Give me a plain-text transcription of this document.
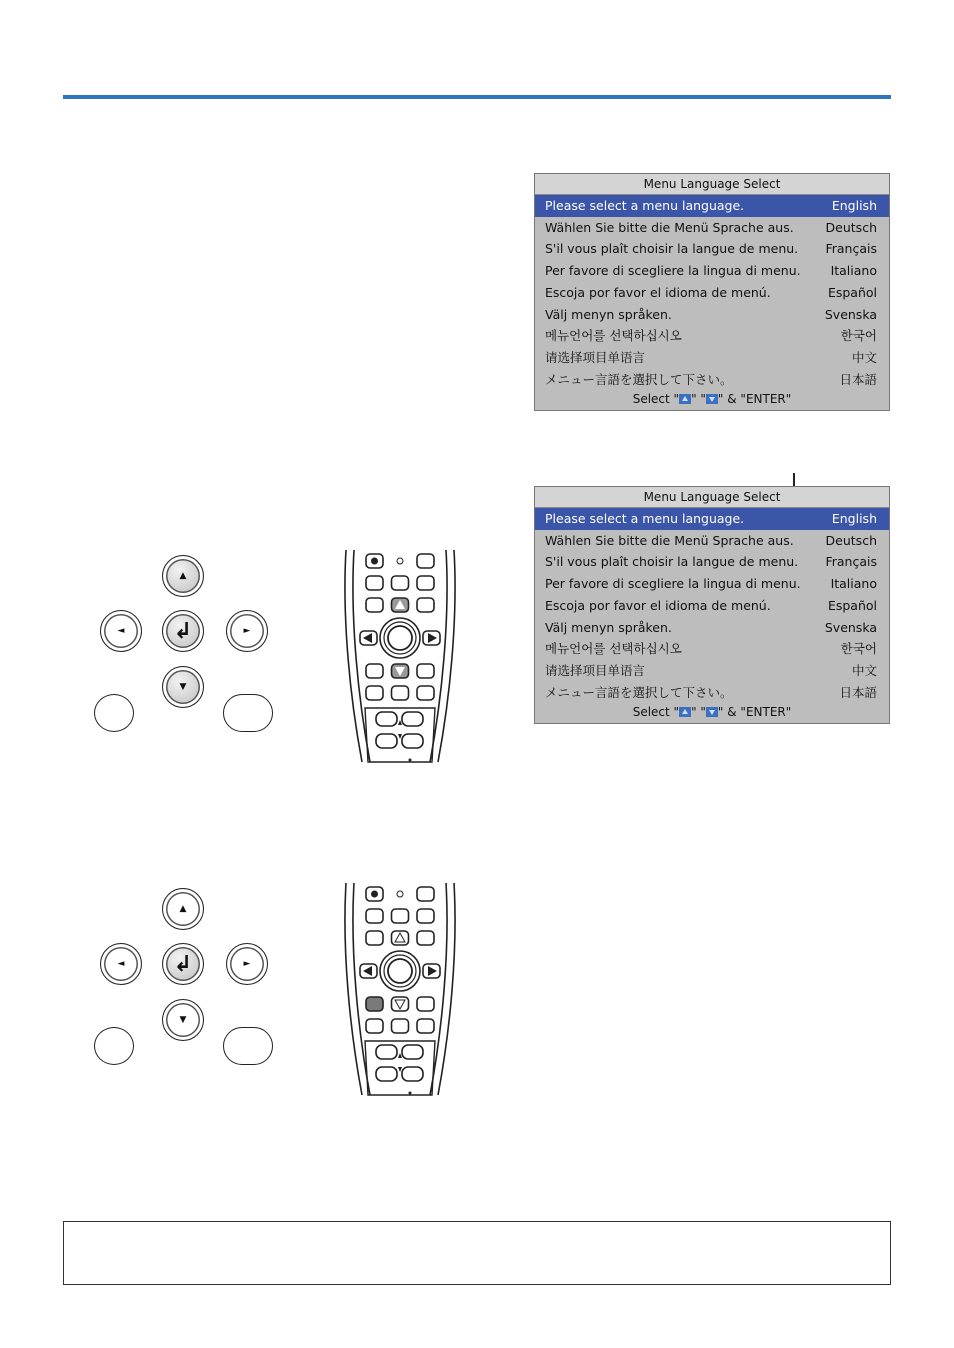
Menu Language Select
Please select a menu language.	English
Wählen Sie bitte die Menü Sprache aus.	Deutsch
S'il vous plaît choisir la langue de menu. Français
Per favore di scegliere la lingua di menu. Italiano
Escoja por favor el idioma de menú.	Español
Välj menyn språken.	Svenska
메뉴언어를 선택하십시오	한국어
请选择项目单语言	中文
メニュー言語を選択して下さい。	日本語
Select " " " " & "ENTER"
Menu Language Select
Please select a menu language.	English
Wählen Sie bitte die Menü Sprache aus.	Deutsch
S'il vous plaît choisir la langue de menu. Français
Per favore di scegliere la lingua di menu. Italiano
Escoja por favor el idioma de menú.	Español
Välj menyn språken.	Svenska
메뉴언어를 선택하십시오	한국어
请选择项目单语言	中文
メニュー言語を選択して下さい。	日本語
Select " " " " & "ENTER"
▲
◄	↲	►
▼
▲
◄	↲	►
▼
